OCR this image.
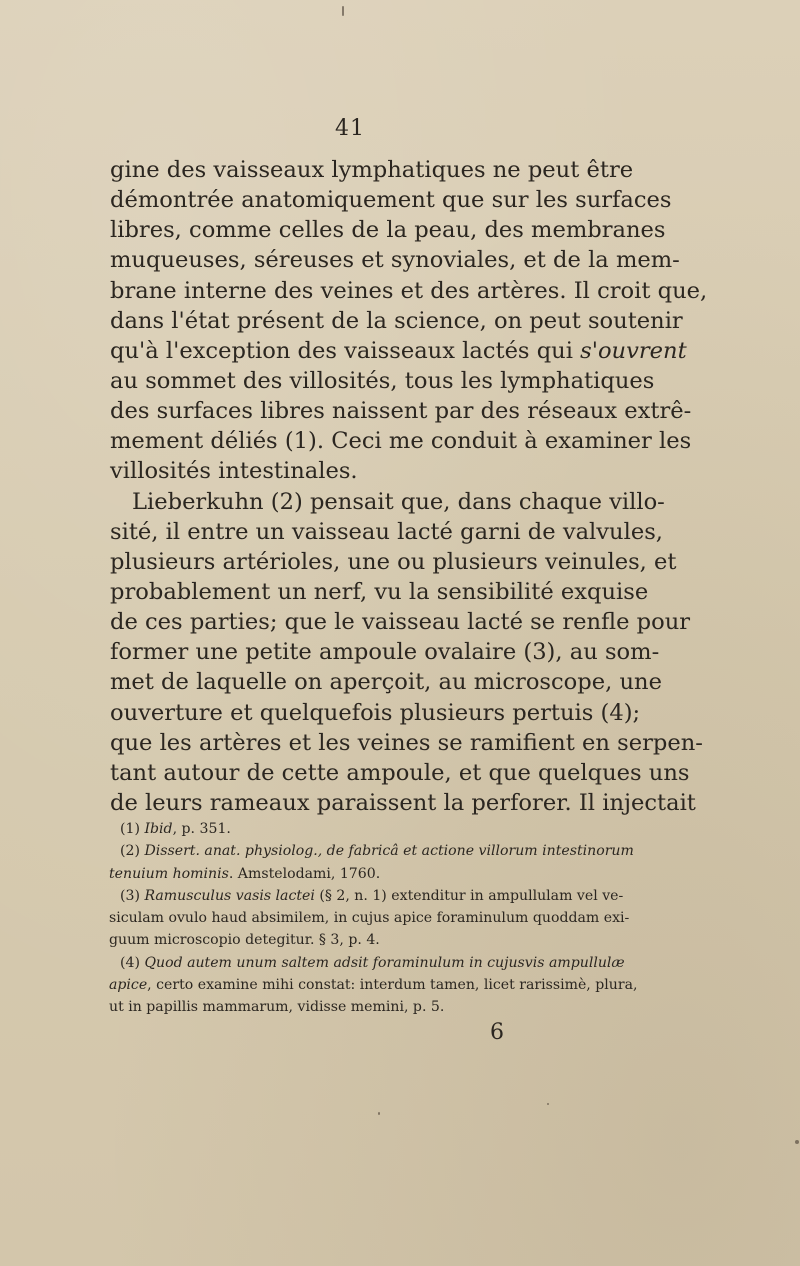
41
gine des vaisseaux lymphatiques ne peut être
démontrée anatomiquement que sur les surfaces
libres, comme celles de la peau, des membranes
muqueuses, séreuses et synoviales, et de la mem-
brane interne des veines et des artères. Il croit que,
dans l'état présent de la science, on peut soutenir
qu'à l'exception des vaisseaux lactés qui s'ouvrent
au sommet des villosités, tous les lymphatiques
des surfaces libres naissent par des réseaux extrê-
mement déliés (1). Ceci me conduit à examiner les
villosités intestinales.
Lieberkuhn (2) pensait que, dans chaque villo-
sité, il entre un vaisseau lacté garni de valvules,
plusieurs artérioles, une ou plusieurs veinules, et
probablement un nerf, vu la sensibilité exquise
de ces parties; que le vaisseau lacté se renfle pour
former une petite ampoule ovalaire (3), au som-
met de laquelle on aperçoit, au microscope, une
ouverture et quelquefois plusieurs pertuis (4);
que les artères et les veines se ramifient en serpen-
tant autour de cette ampoule, et que quelques uns
de leurs rameaux paraissent la perforer. Il injectait
(1) Ibid, p. 351.
(2) Dissert. anat. physiolog., de fabricâ et actione villorum intestinorum
tenuium hominis. Amstelodami, 1760.
(3) Ramusculus vasis lactei (§ 2, n. 1) extenditur in ampullulam vel ve-
siculam ovulo haud absimilem, in cujus apice foraminulum quoddam exi-
guum microscopio detegitur. § 3, p. 4.
(4) Quod autem unum saltem adsit foraminulum in cujusvis ampullulæ
apice, certo examine mihi constat: interdum tamen, licet rarissimè, plura,
ut in papillis mammarum, vidisse memini, p. 5.
6
